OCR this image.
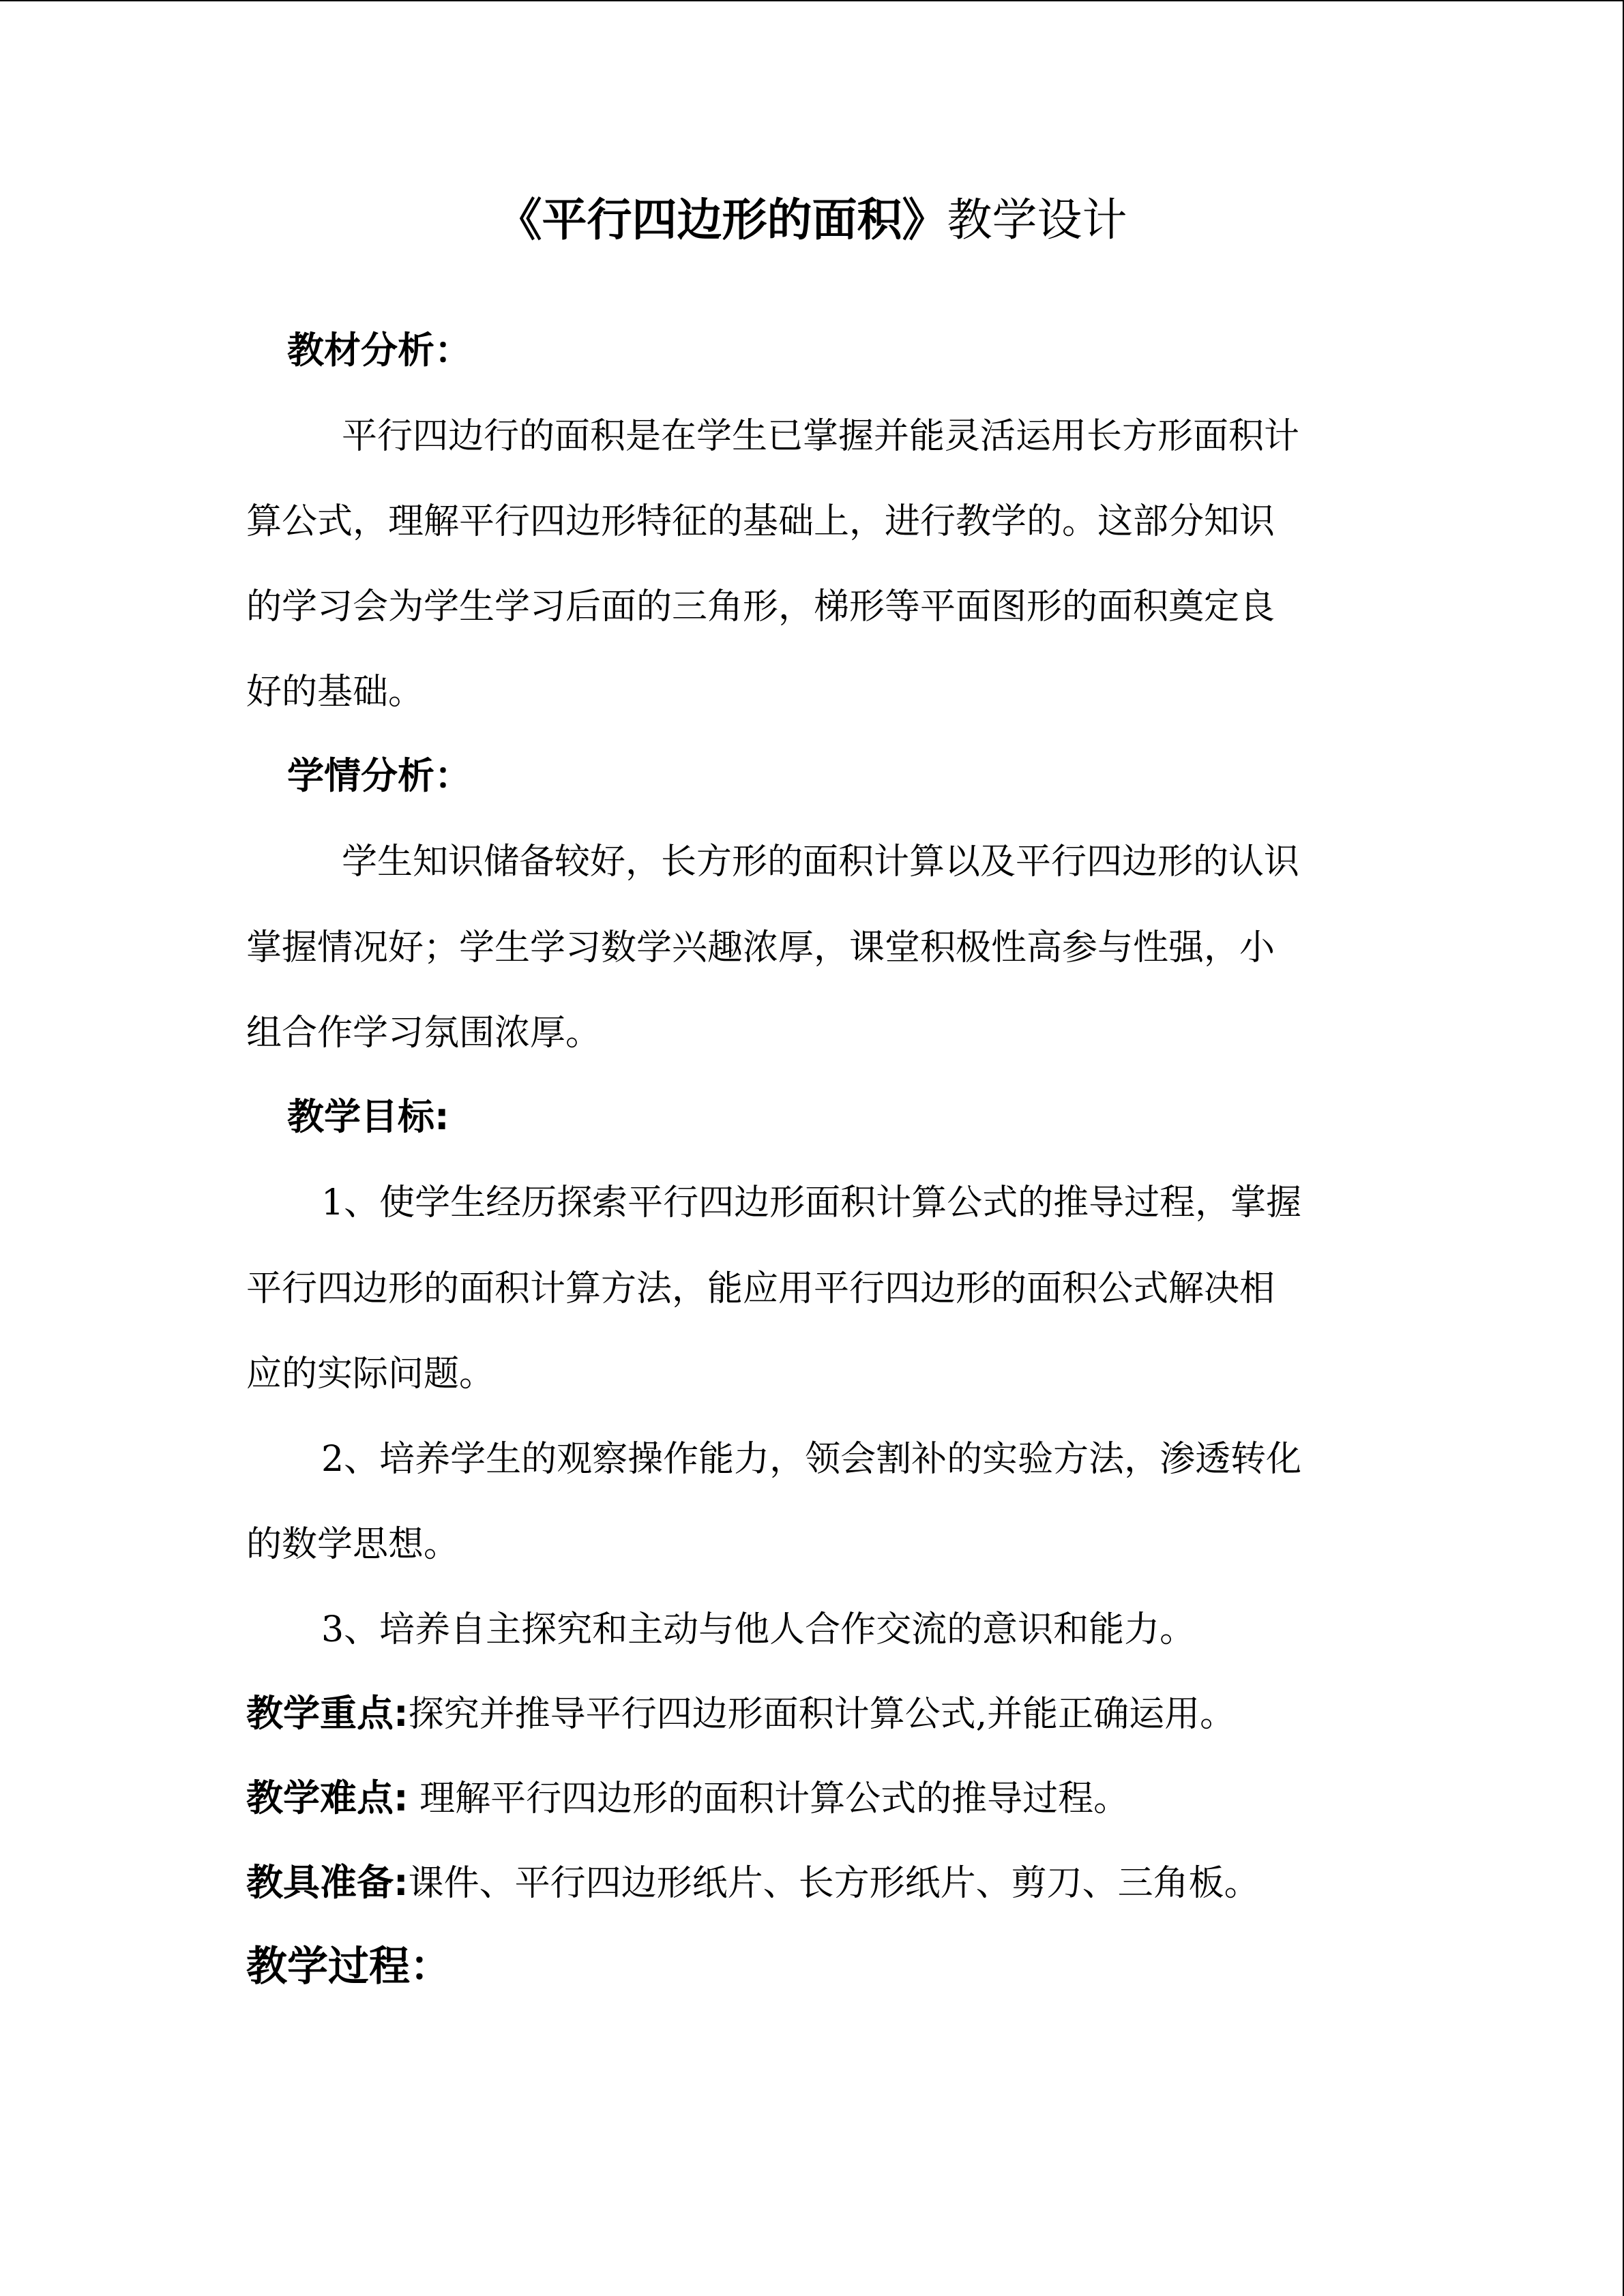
《平行四边形的面积》教学设计
教材分析：
平行四边行的面积是在学生已掌握并能灵活运用长方形面积计
算公式，理解平行四边形特征的基础上，进行教学的。这部分知识
的学习会为学生学习后面的三角形，梯形等平面图形的面积奠定良
好的基础。
学情分析：
学生知识储备较好，长方形的面积计算以及平行四边形的认识
掌握情况好；学生学习数学兴趣浓厚，课堂积极性高参与性强，小
组合作学习氛围浓厚。
教学目标:
1、使学生经历探索平行四边形面积计算公式的推导过程，掌握
平行四边形的面积计算方法，能应用平行四边形的面积公式解决相
应的实际问题。
2、培养学生的观察操作能力，领会割补的实验方法，渗透转化
的数学思想。
3、培养自主探究和主动与他人合作交流的意识和能力。
教学重点:探究并推导平行四边形面积计算公式,并能正确运用。
教学难点: 理解平行四边形的面积计算公式的推导过程。
教具准备:课件、平行四边形纸片、长方形纸片、剪刀、三角板。
教学过程：
